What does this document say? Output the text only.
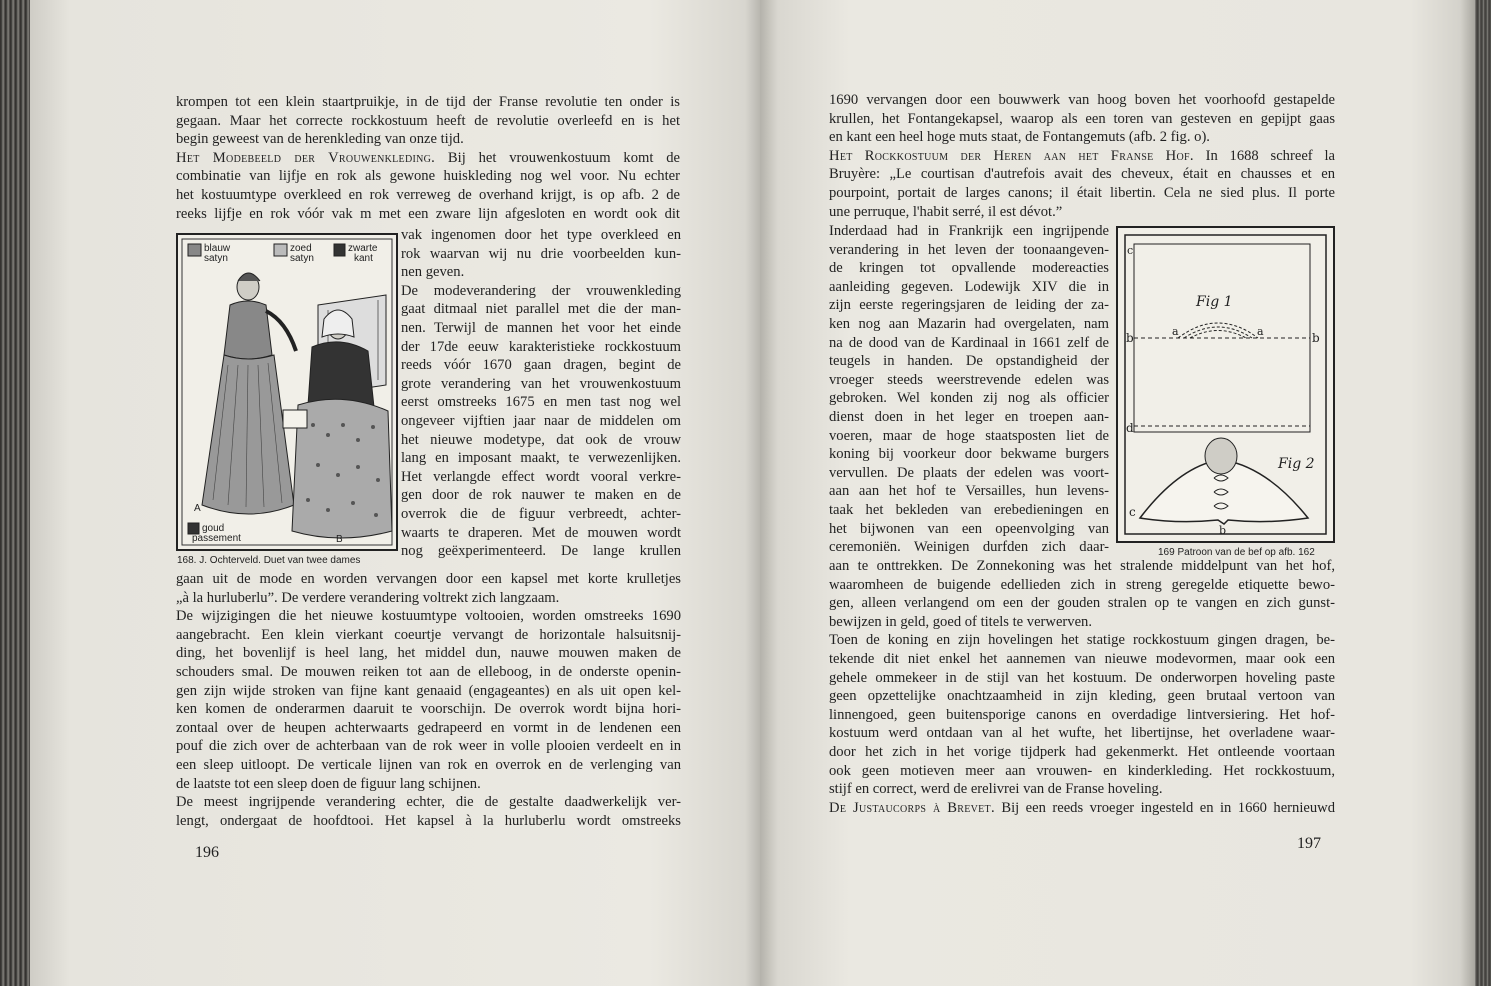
krompen tot een klein staartpruikje, in de tijd der Franse revolutie ten onder is
gegaan. Maar het correcte rockkostuum heeft de revolutie overleefd en is het
begin geweest van de herenkleding van onze tijd.
Het Modebeeld der Vrouwenkleding. Bij het vrouwenkostuum komt de
combinatie van lijfje en rok als gewone huiskleding nog wel voor. Nu echter
het kostuumtype overkleed en rok verreweg de overhand krijgt, is op afb. 2 de
reeks lijfje en rok vóór vak m met een zware lijn afgesloten en wordt ook dit
blauw
satyn
zoed
satyn
zwarte
kant
A
B
goud
passement
168. J. Ochterveld. Duet van twee dames
vak ingenomen door het type overkleed en
rok waarvan wij nu drie voorbeelden kun-
nen geven.
De modeverandering der vrouwenkleding
gaat ditmaal niet parallel met die der man-
nen. Terwijl de mannen het voor het einde
der 17de eeuw karakteristieke rockkostuum
reeds vóór 1670 gaan dragen, begint de
grote verandering van het vrouwenkostuum
eerst omstreeks 1675 en men tast nog wel
ongeveer vijftien jaar naar de middelen om
het nieuwe modetype, dat ook de vrouw
lang en imposant maakt, te verwezenlijken.
Het verlangde effect wordt vooral verkre-
gen door de rok nauwer te maken en de
overrok die de figuur verbreedt, achter-
waarts te draperen. Met de mouwen wordt
nog geëxperimenteerd. De lange krullen
gaan uit de mode en worden vervangen door een kapsel met korte krulletjes
„à la hurluberlu”. De verdere verandering voltrekt zich langzaam.
De wijzigingen die het nieuwe kostuumtype voltooien, worden omstreeks 1690
aangebracht. Een klein vierkant coeurtje vervangt de horizontale halsuitsnij-
ding, het bovenlijf is heel lang, het middel dun, nauwe mouwen maken de
schouders smal. De mouwen reiken tot aan de elleboog, in de onderste openin-
gen zijn wijde stroken van fijne kant genaaid (engageantes) en als uit open kel-
ken komen de onderarmen daaruit te voorschijn. De overrok wordt bijna hori-
zontaal over de heupen achterwaarts gedrapeerd en vormt in de lendenen een
pouf die zich over de achterbaan van de rok weer in volle plooien verdeelt en in
een sleep uitloopt. De verticale lijnen van rok en overrok en de verlenging van
de laatste tot een sleep doen de figuur lang schijnen.
De meest ingrijpende verandering echter, die de gestalte daadwerkelijk ver-
lengt, ondergaat de hoofdtooi. Het kapsel à la hurluberlu wordt omstreeks
196
1690 vervangen door een bouwwerk van hoog boven het voorhoofd gestapelde
krullen, het Fontangekapsel, waarop als een toren van gesteven en gepijpt gaas
en kant een heel hoge muts staat, de Fontangemuts (afb. 2 fig. o).
Het Rockkostuum der Heren aan het Franse Hof. In 1688 schreef la
Bruyère: „Le courtisan d'autrefois avait des cheveux, était en chausses et en
pourpoint, portait de larges canons; il était libertin. Cela ne sied plus. Il porte
une perruque, l'habit serré, il est dévot.”
Inderdaad had in Frankrijk een ingrijpende
verandering in het leven der toonaangeven-
de kringen tot opvallende modereacties
aanleiding gegeven. Lodewijk XIV die in
zijn eerste regeringsjaren de leiding der za-
ken nog aan Mazarin had overgelaten, nam
na de dood van de Kardinaal in 1661 zelf de
teugels in handen. De opstandigheid der
vroeger steeds weerstrevende edelen was
gebroken. Wel konden zij nog als officier
dienst doen in het leger en troepen aan-
voeren, maar de hoge staatsposten liet de
koning bij voorkeur door bekwame burgers
vervullen. De plaats der edelen was voort-
aan aan het hof te Versailles, hun levens-
taak het bekleden van erebedieningen en
het bijwonen van een opeenvolging van
ceremoniën. Weinigen durfden zich daar-
Fig 1
c
b	a	a	b
d
Fig 2
c
b
169 Patroon van de bef op afb. 162
aan te onttrekken. De Zonnekoning was het stralende middelpunt van het hof,
waaromheen de buigende edellieden zich in streng geregelde etiquette bewo-
gen, alleen verlangend om een der gouden stralen op te vangen en zich gunst-
bewijzen in geld, goed of titels te verwerven.
Toen de koning en zijn hovelingen het statige rockkostuum gingen dragen, be-
tekende dit niet enkel het aannemen van nieuwe modevormen, maar ook een
gehele ommekeer in de stijl van het kostuum. De onderworpen hoveling paste
geen opzettelijke onachtzaamheid in zijn kleding, geen brutaal vertoon van
linnengoed, geen buitensporige canons en overdadige lintversiering. Het hof-
kostuum werd ontdaan van al het wufte, het libertijnse, het overladene waar-
door het zich in het vorige tijdperk had gekenmerkt. Het ontleende voortaan
ook geen motieven meer aan vrouwen- en kinderkleding. Het rockkostuum,
stijf en correct, werd de erelivrei van de Franse hoveling.
De Justaucorps à Brevet. Bij een reeds vroeger ingesteld en in 1660 hernieuwd
197
